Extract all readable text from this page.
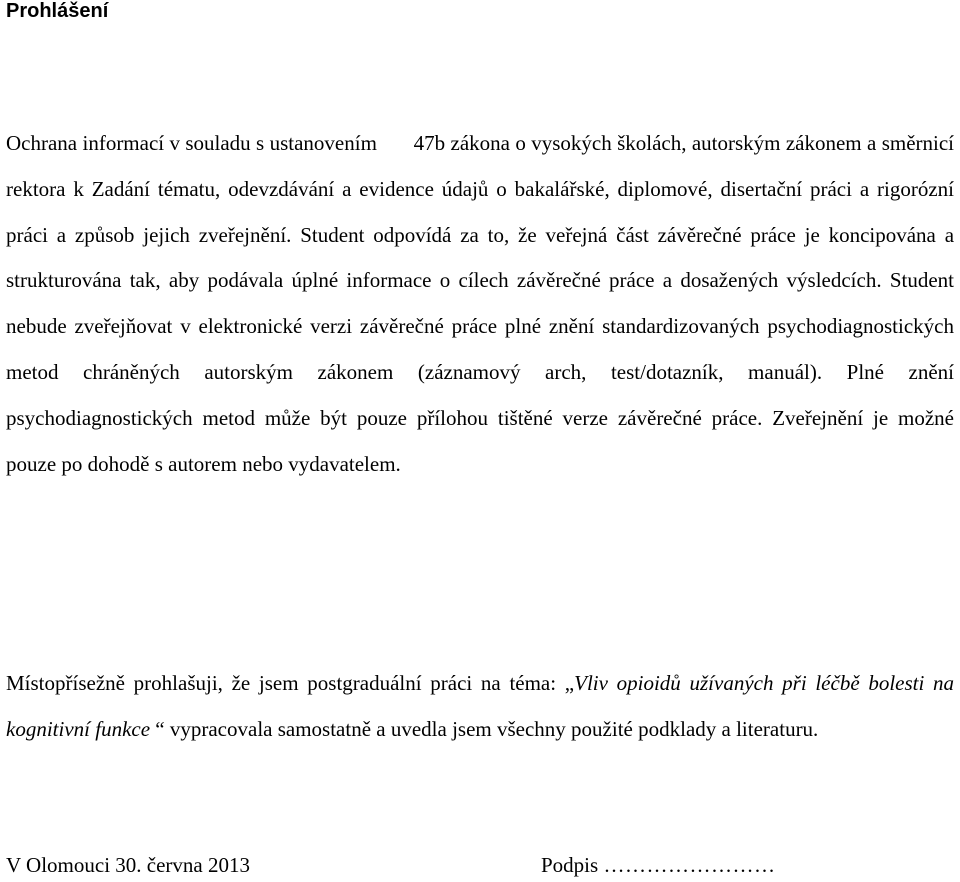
Prohlášení
Ochrana informací v souladu s ustanovením  47b zákona o vysokých školách, autorským zákonem a směrnicí rektora k Zadání tématu, odevzdávání a evidence údajů o bakalářské, diplomové, disertační práci a rigorózní práci a způsob jejich zveřejnění. Student odpovídá za to, že veřejná část závěrečné práce je koncipována a strukturována tak, aby podávala úplné informace o cílech závěrečné práce a dosažených výsledcích. Student nebude zveřejňovat v elektronické verzi závěrečné práce plné znění standardizovaných psychodiagnostických metod chráněných autorským zákonem (záznamový arch, test/dotazník, manuál). Plné znění psychodiagnostických metod může být pouze přílohou tištěné verze závěrečné práce. Zveřejnění je možné pouze po dohodě s autorem nebo vydavatelem.
Místopřísežně prohlašuji, že jsem postgraduální práci na téma: „Vliv opioidů užívaných při léčbě bolesti na kognitivní funkce “ vypracovala samostatně a uvedla jsem všechny použité podklady a literaturu.
V Olomouci 30. června 2013	Podpis ……………………
